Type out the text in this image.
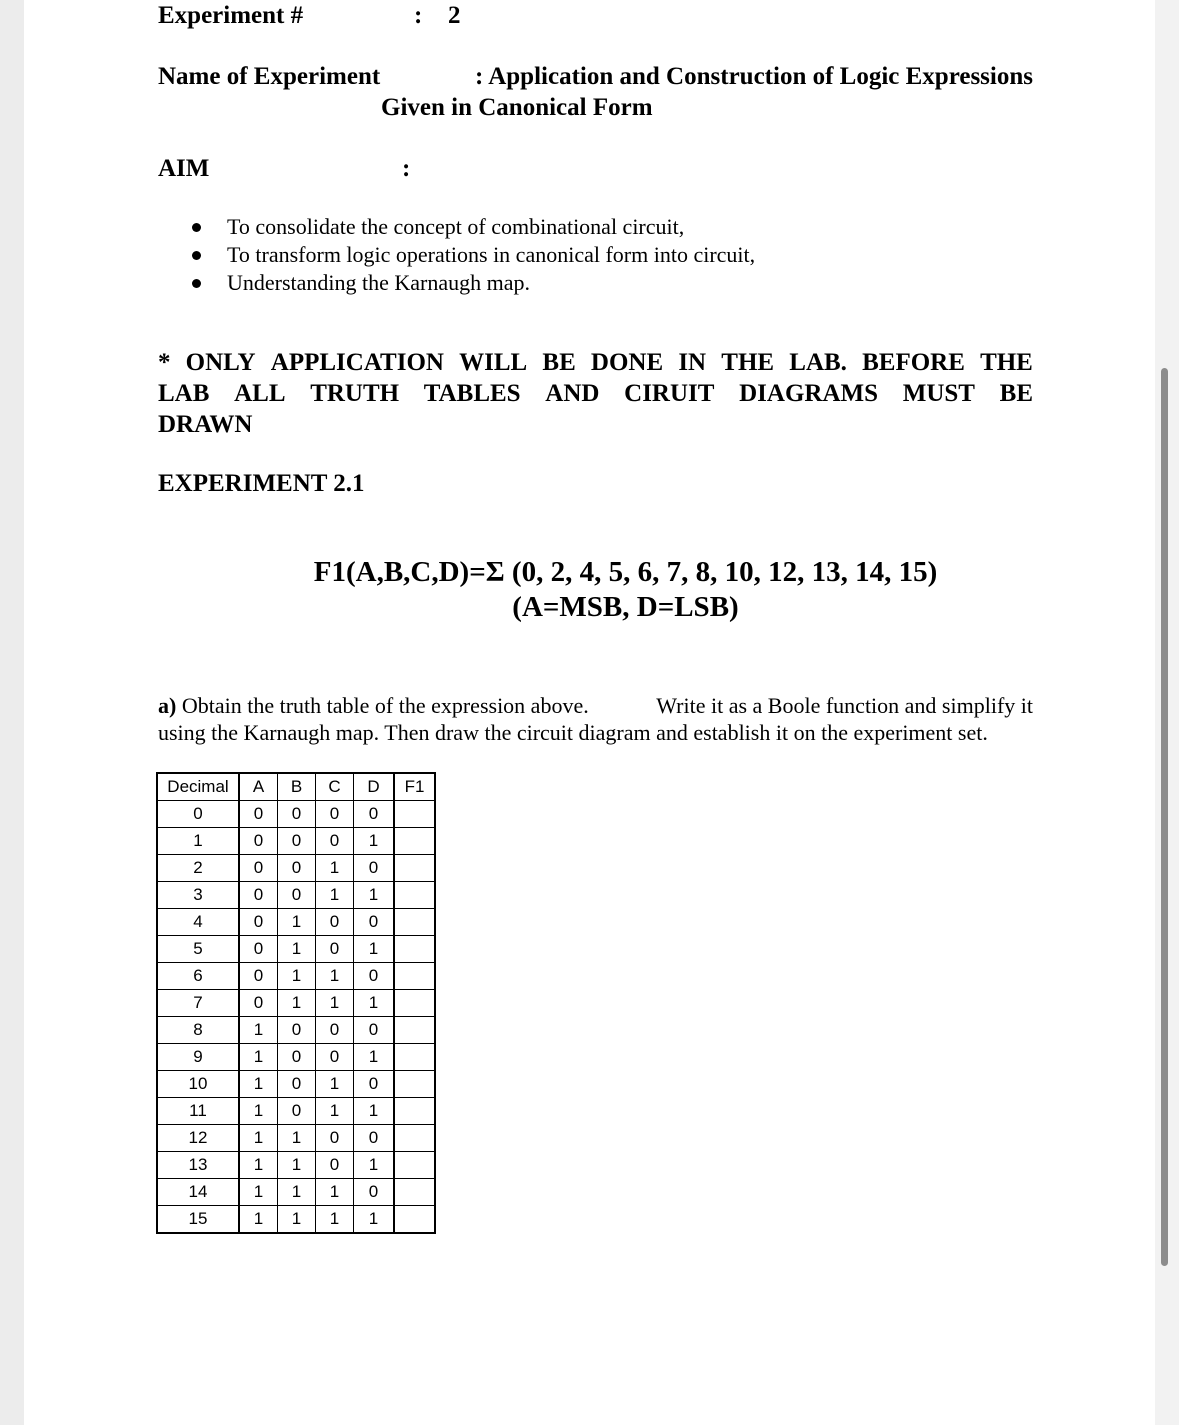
Experiment #	: 2
Name of Experiment	: Application and Construction of Logic Expressions
Given in Canonical Form
AIM	:
To consolidate the concept of combinational circuit,
To transform logic operations in canonical form into circuit,
Understanding the Karnaugh map.
* ONLY APPLICATION WILL BE DONE IN THE LAB. BEFORE THE
LAB ALL TRUTH TABLES AND CIRUIT DIAGRAMS MUST BE
DRAWN
EXPERIMENT 2.1
F1(A,B,C,D)=Σ (0, 2, 4, 5, 6, 7, 8, 10, 12, 13, 14, 15)
(A=MSB, D=LSB)
a) Obtain the truth table of the expression above.	Write it as a Boole function and simplify it
using the Karnaugh map. Then draw the circuit diagram and establish it on the experiment set.
Decimal	A	B	C	D	F1
0	0	0	0	0	
1	0	0	0	1	
2	0	0	1	0	
3	0	0	1	1	
4	0	1	0	0	
5	0	1	0	1	
6	0	1	1	0	
7	0	1	1	1	
8	1	0	0	0	
9	1	0	0	1	
10	1	0	1	0	
11	1	0	1	1	
12	1	1	0	0	
13	1	1	0	1	
14	1	1	1	0	
15	1	1	1	1	
